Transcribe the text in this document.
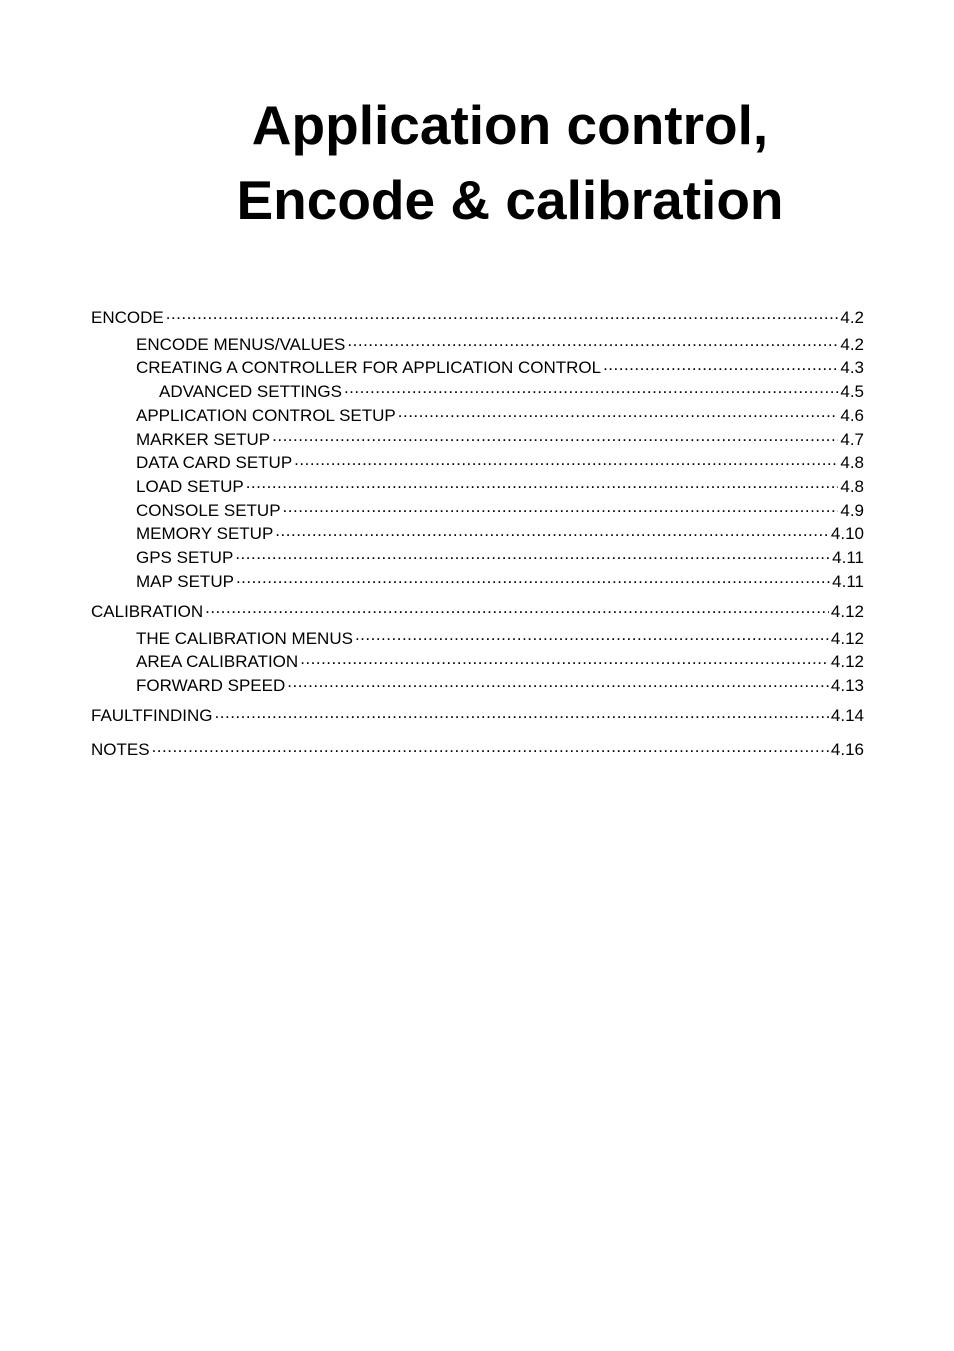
Application control,
Encode & calibration
ENCODE .....	4.2
ENCODE MENUS/VALUES .....	4.2
CREATING A CONTROLLER FOR APPLICATION CONTROL .....	4.3
ADVANCED SETTINGS .....	4.5
APPLICATION CONTROL SETUP .....	4.6
MARKER SETUP .....	4.7
DATA CARD SETUP .....	4.8
LOAD SETUP .....	4.8
CONSOLE SETUP .....	4.9
MEMORY SETUP .....	4.10
GPS SETUP .....	4.11
MAP SETUP .....	4.11
CALIBRATION .....	4.12
THE CALIBRATION MENUS .....	4.12
AREA CALIBRATION .....	4.12
FORWARD SPEED .....	4.13
FAULTFINDING .....	4.14
NOTES .....	4.16
